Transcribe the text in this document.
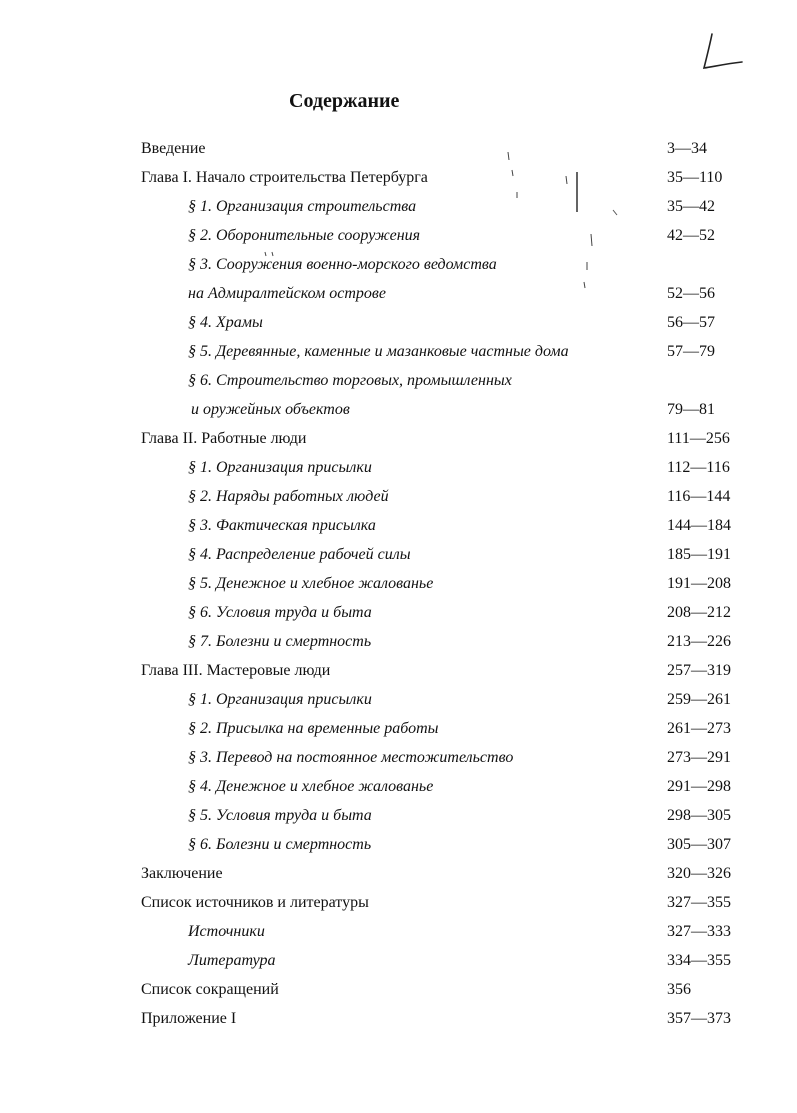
Содержание
Введение	3—34
Глава I. Начало строительства Петербурга	35—110
§ 1. Организация строительства	35—42
§ 2. Оборонительные сооружения	42—52
§ 3. Сооружения военно-морского ведомства
на Адмиралтейском острове	52—56
§ 4. Храмы	56—57
§ 5. Деревянные, каменные и мазанковые частные дома	57—79
§ 6. Строительство торговых, промышленных
и оружейных объектов	79—81
Глава II. Работные люди	111—256
§ 1. Организация присылки	112—116
§ 2. Наряды работных людей	116—144
§ 3. Фактическая присылка	144—184
§ 4. Распределение рабочей силы	185—191
§ 5. Денежное и хлебное жалованье	191—208
§ 6. Условия труда и быта	208—212
§ 7. Болезни и смертность	213—226
Глава III. Мастеровые люди	257—319
§ 1. Организация присылки	259—261
§ 2. Присылка на временные работы	261—273
§ 3. Перевод на постоянное местожительство	273—291
§ 4. Денежное и хлебное жалованье	291—298
§ 5. Условия труда и быта	298—305
§ 6. Болезни и смертность	305—307
Заключение	320—326
Список источников и литературы	327—355
Источники	327—333
Литература	334—355
Список сокращений	356
Приложение I	357—373
